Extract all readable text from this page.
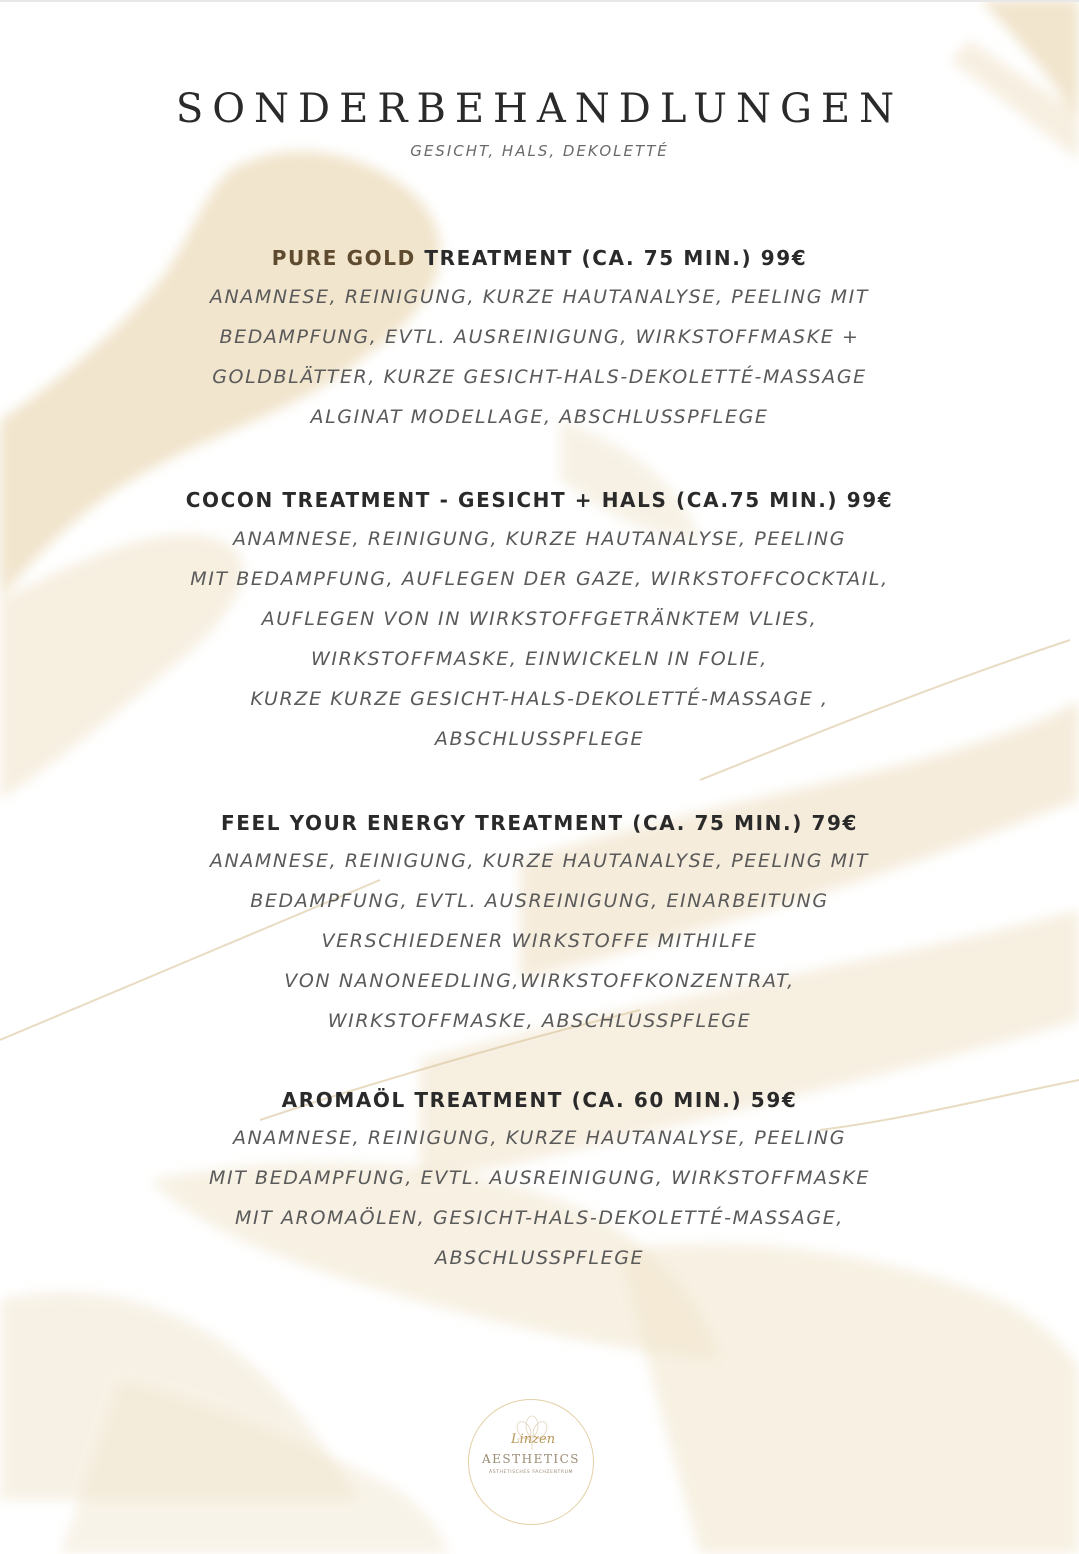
SONDERBEHANDLUNGEN
GESICHT, HALS, DEKOLETTÉ
PURE GOLD TREATMENT (CA. 75 MIN.) 99€
ANAMNESE, REINIGUNG, KURZE HAUTANALYSE, PEELING MIT
BEDAMPFUNG, EVTL. AUSREINIGUNG, WIRKSTOFFMASKE +
GOLDBLÄTTER, KURZE GESICHT-HALS-DEKOLETTÉ-MASSAGE
ALGINAT MODELLAGE, ABSCHLUSSPFLEGE
COCON TREATMENT - GESICHT + HALS (CA.75 MIN.) 99€
ANAMNESE, REINIGUNG, KURZE HAUTANALYSE, PEELING
MIT BEDAMPFUNG, AUFLEGEN DER GAZE, WIRKSTOFFCOCKTAIL,
AUFLEGEN VON IN WIRKSTOFFGETRÄNKTEM VLIES,
WIRKSTOFFMASKE, EINWICKELN IN FOLIE,
KURZE KURZE GESICHT-HALS-DEKOLETTÉ-MASSAGE ,
ABSCHLUSSPFLEGE
FEEL YOUR ENERGY TREATMENT (CA. 75 MIN.) 79€
ANAMNESE, REINIGUNG, KURZE HAUTANALYSE, PEELING MIT
BEDAMPFUNG, EVTL. AUSREINIGUNG, EINARBEITUNG
VERSCHIEDENER WIRKSTOFFE MITHILFE
VON NANONEEDLING,WIRKSTOFFKONZENTRAT,
WIRKSTOFFMASKE, ABSCHLUSSPFLEGE
AROMAÖL TREATMENT (CA. 60 MIN.) 59€
ANAMNESE, REINIGUNG, KURZE HAUTANALYSE, PEELING
MIT BEDAMPFUNG, EVTL. AUSREINIGUNG, WIRKSTOFFMASKE
MIT AROMAÖLEN, GESICHT-HALS-DEKOLETTÉ-MASSAGE,
ABSCHLUSSPFLEGE
Linzen
AESTHETICS
ÄSTHETISCHES FACHZENTRUM
